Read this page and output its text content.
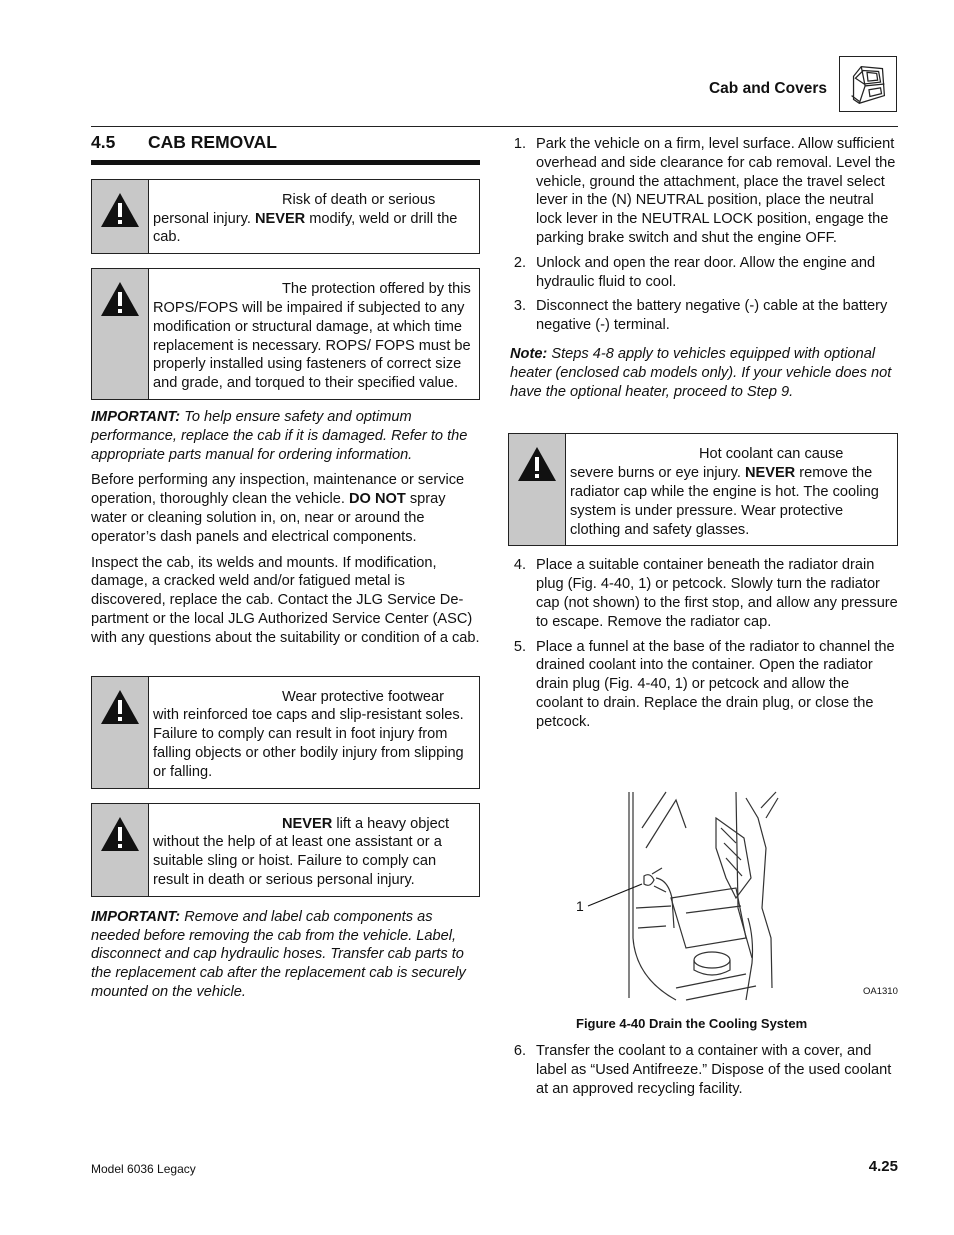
Cab and Covers
4.5	CAB REMOVAL
Risk of death or serious personal injury. NEVER modify, weld or drill the cab.
The protection offered by this ROPS/FOPS will be impaired if subjected to any modification or structural damage, at which time replacement is necessary. ROPS/ FOPS must be properly installed using fasteners of correct size and grade, and torqued to their specified value.

IMPORTANT: To help ensure safety and optimum performance, replace the cab if it is damaged. Refer to the appropriate parts manual for ordering information.

Before performing any inspection, maintenance or service operation, thoroughly clean the vehicle. DO NOT spray water or cleaning solution in, on, near or around the operator’s dash panels and electrical components.

Inspect the cab, its welds and mounts. If modification, damage, a cracked weld and/or fatigued metal is discovered, replace the cab. Contact the JLG Service De-partment or the local JLG Authorized Service Center (ASC) with any questions about the suitability or condition of a cab.

Wear protective footwear with reinforced toe caps and slip-resistant soles. Failure to comply can result in foot injury from falling objects or other bodily injury from slipping or falling.
NEVER lift a heavy object without the help of at least one assistant or a suitable sling or hoist. Failure to comply can result in death or serious personal injury.

IMPORTANT: Remove and label cab components as needed before removing the cab from the vehicle. Label, disconnect and cap hydraulic hoses. Transfer cab parts to the replacement cab after the replacement cab is securely mounted on the vehicle.

1. Park the vehicle on a firm, level surface. Allow sufficient overhead and side clearance for cab removal. Level the vehicle, ground the attachment, place the travel select lever in the (N) NEUTRAL position, place the neutral lock lever in the NEUTRAL LOCK position, engage the parking brake switch and shut the engine OFF.
2. Unlock and open the rear door. Allow the engine and hydraulic fluid to cool.
3. Disconnect the battery negative (-) cable at the battery negative (-) terminal.

Note: Steps 4-8 apply to vehicles equipped with optional heater (enclosed cab models only). If your vehicle does not have the optional heater, proceed to Step 9.

Hot coolant can cause severe burns or eye injury. NEVER remove the radiator cap while the engine is hot. The cooling system is under pressure. Wear protective clothing and safety glasses.
4. Place a suitable container beneath the radiator drain plug (Fig. 4-40, 1) or petcock. Slowly turn the radiator cap (not shown) to the first stop, and allow any pressure to escape. Remove the radiator cap.
5. Place a funnel at the base of the radiator to channel the drained coolant into the container. Open the radiator drain plug (Fig. 4-40, 1) or petcock and allow the coolant to drain. Replace the drain plug, or close the petcock.
1
OA1310
Figure 4-40 Drain the Cooling System
6. Transfer the coolant to a container with a cover, and label as “Used Antifreeze.” Dispose of the used coolant at an approved recycling facility.
Model 6036 Legacy	4.25
